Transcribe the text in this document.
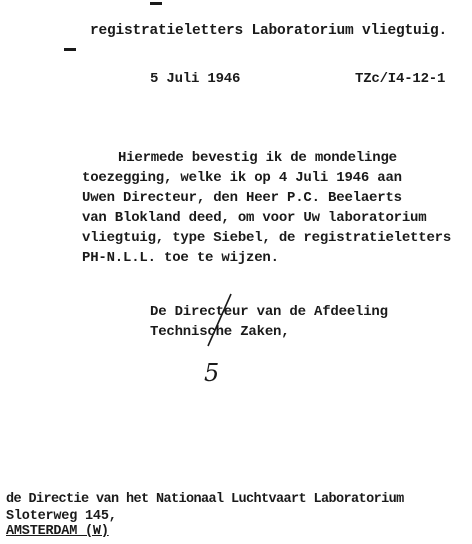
registratieletters Laboratorium vliegtuig.
5 Juli 1946	TZc/I4-12-1
Hiermede bevestig ik de mondelinge
toezegging, welke ik op 4 Juli 1946 aan
Uwen Directeur, den Heer P.C. Beelaerts
van Blokland deed, om voor Uw laboratorium
vliegtuig, type Siebel, de registratieletters
PH-N.L.L. toe te wijzen.
De Directeur van de Afdeeling
Technische Zaken,
5
de Directie van het Nationaal Luchtvaart Laboratorium
Sloterweg 145,
AMSTERDAM (W)
